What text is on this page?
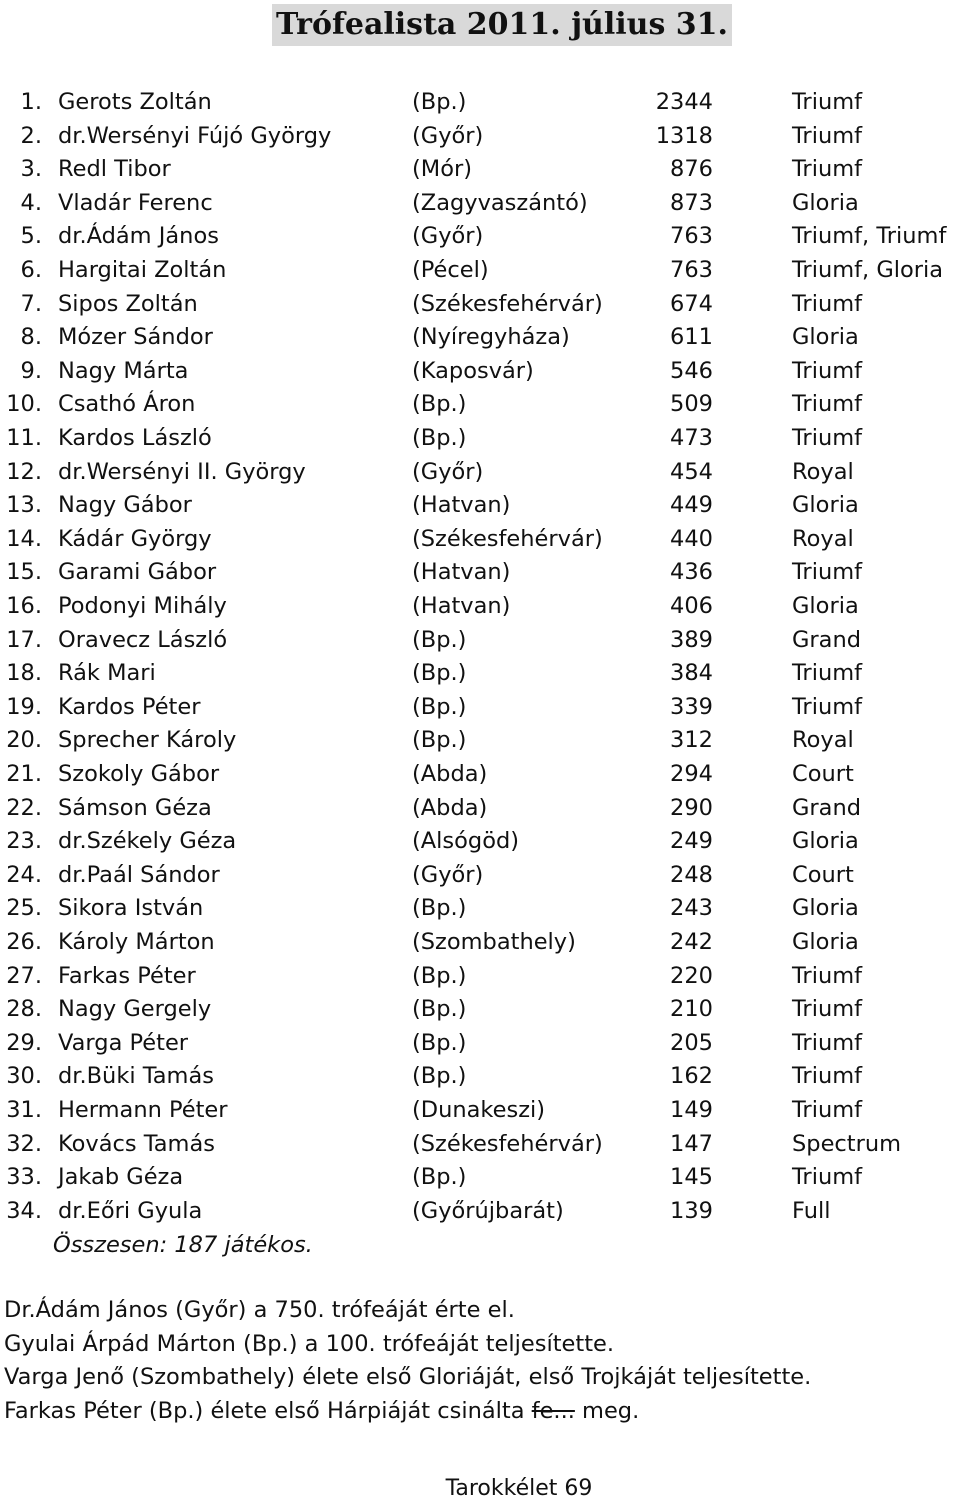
Trófealista 2011. július 31.
1. Gerots Zoltán	(Bp.)	2344	Triumf
2. dr.Wersényi Fújó György	(Győr)	1318	Triumf
3. Redl Tibor	(Mór)	876	Triumf
4. Vladár Ferenc	(Zagyvaszántó)	873	Gloria
5. dr.Ádám János	(Győr)	763	Triumf, Triumf
6. Hargitai Zoltán	(Pécel)	763	Triumf, Gloria
7. Sipos Zoltán	(Székesfehérvár)	674	Triumf
8. Mózer Sándor	(Nyíregyháza)	611	Gloria
9. Nagy Márta	(Kaposvár)	546	Triumf
10. Csathó Áron	(Bp.)	509	Triumf
11. Kardos László	(Bp.)	473	Triumf
12. dr.Wersényi II. György	(Győr)	454	Royal
13. Nagy Gábor	(Hatvan)	449	Gloria
14. Kádár György	(Székesfehérvár)	440	Royal
15. Garami Gábor	(Hatvan)	436	Triumf
16. Podonyi Mihály	(Hatvan)	406	Gloria
17. Oravecz László	(Bp.)	389	Grand
18. Rák Mari	(Bp.)	384	Triumf
19. Kardos Péter	(Bp.)	339	Triumf
20. Sprecher Károly	(Bp.)	312	Royal
21. Szokoly Gábor	(Abda)	294	Court
22. Sámson Géza	(Abda)	290	Grand
23. dr.Székely Géza	(Alsógöd)	249	Gloria
24. dr.Paál Sándor	(Győr)	248	Court
25. Sikora István	(Bp.)	243	Gloria
26. Károly Márton	(Szombathely)	242	Gloria
27. Farkas Péter	(Bp.)	220	Triumf
28. Nagy Gergely	(Bp.)	210	Triumf
29. Varga Péter	(Bp.)	205	Triumf
30. dr.Büki Tamás	(Bp.)	162	Triumf
31. Hermann Péter	(Dunakeszi)	149	Triumf
32. Kovács Tamás	(Székesfehérvár)	147	Spectrum
33. Jakab Géza	(Bp.)	145	Triumf
34. dr.Eőri Gyula	(Győrújbarát)	139	Full
Összesen: 187 játékos.
Dr.Ádám János (Győr) a 750. trófeáját érte el.
Gyulai Árpád Márton (Bp.) a 100. trófeáját teljesítette.
Varga Jenő (Szombathely) élete első Gloriáját, első Trojkáját teljesítette.
Farkas Péter (Bp.) élete első Hárpiáját csinálta fe... meg.
Tarokkélet 69
